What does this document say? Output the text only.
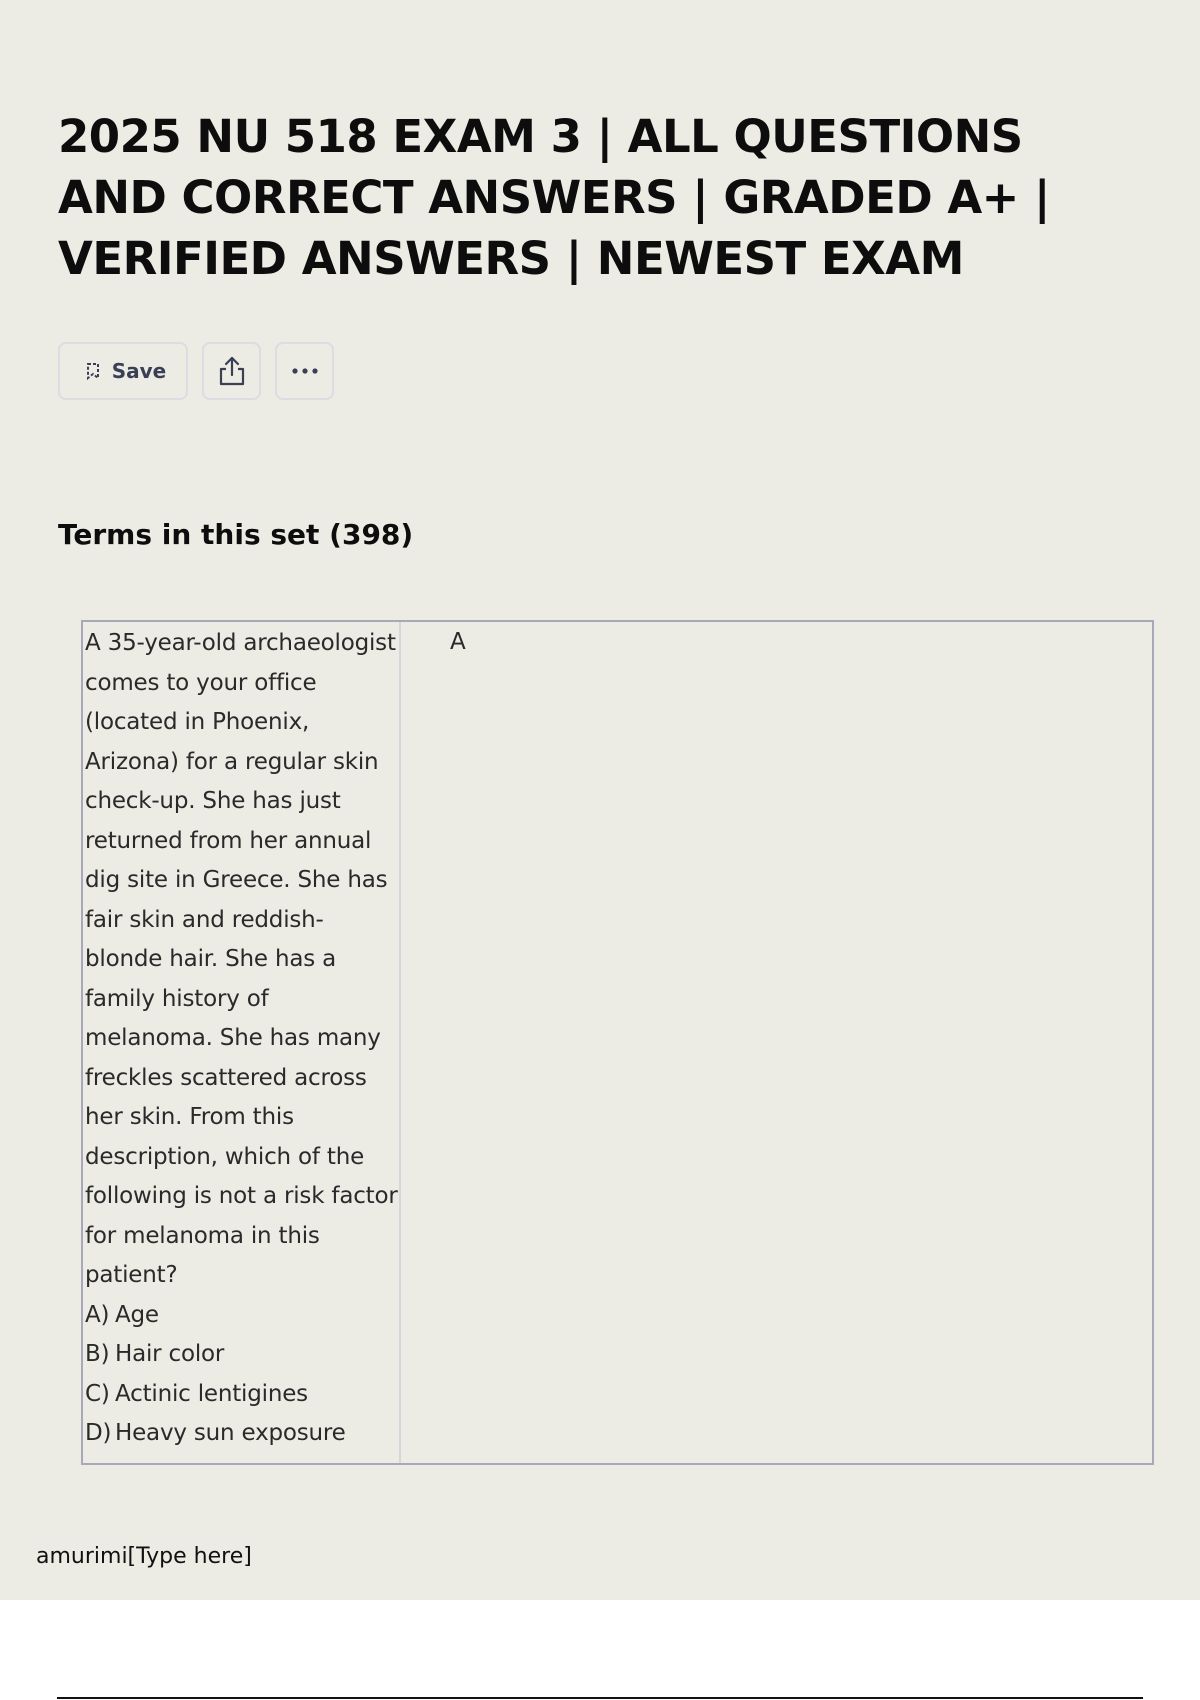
2025 NU 518 EXAM 3 | ALL QUESTIONS AND CORRECT ANSWERS | GRADED A+ | VERIFIED ANSWERS | NEWEST EXAM
Save
Terms in this set (398)

A 35-year-old archaeologist comes to your office (located in Phoenix, Arizona) for a regular skin check-up. She has just returned from her annual dig site in Greece. She has fair skin and reddish-blonde hair. She has a family history of melanoma. She has many freckles scattered across her skin. From this description, which of the following is not a risk factor for melanoma in this patient?

A) Age
B) Hair color
C) Actinic lentigines
D) Heavy sun exposure
A
amurimi[Type here]
